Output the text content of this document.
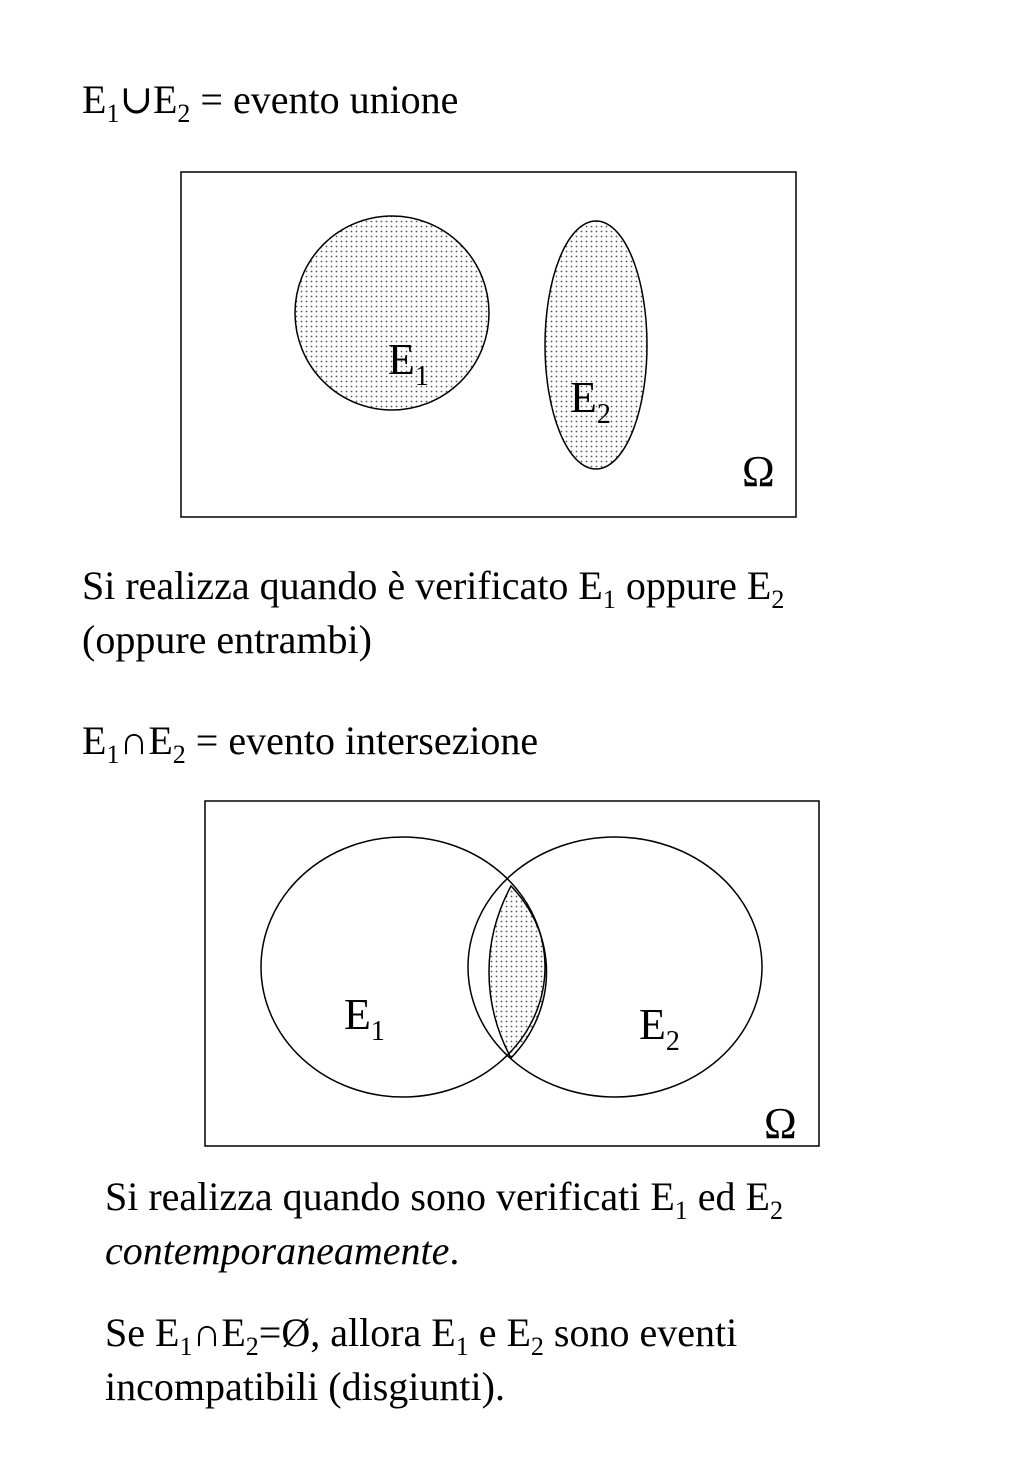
$E_1\cup E_2$ = evento unione
$E_1$	$E_2$
Ω
$E_1$	$E_2$
Ω
Si realizza quando è verificato $E_1$ oppure $E_2$
(oppure entrambi)
$E_1\cap E_2$ = evento intersezione
Si realizza quando sono verificati $E_1$ ed $E_2$
contemporaneamente.
Se $E_1\cap E_2=Ø$, allora $E_1$ e $E_2$ sono eventi
incompatibili (disgiunti).
